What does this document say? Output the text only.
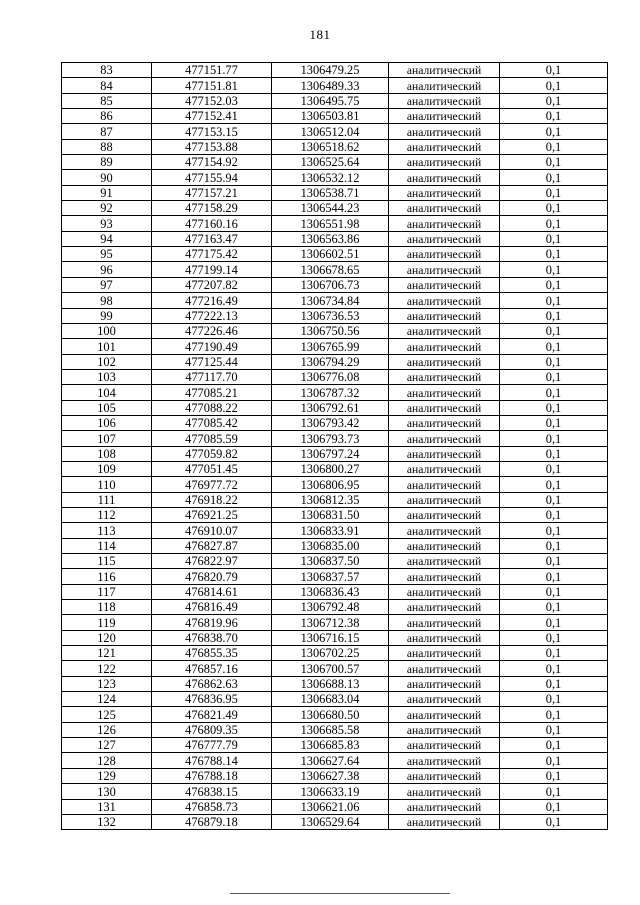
181
83	477151.77	1306479.25	аналитический	0,1
84	477151.81	1306489.33	аналитический	0,1
85	477152.03	1306495.75	аналитический	0,1
86	477152.41	1306503.81	аналитический	0,1
87	477153.15	1306512.04	аналитический	0,1
88	477153.88	1306518.62	аналитический	0,1
89	477154.92	1306525.64	аналитический	0,1
90	477155.94	1306532.12	аналитический	0,1
91	477157.21	1306538.71	аналитический	0,1
92	477158.29	1306544.23	аналитический	0,1
93	477160.16	1306551.98	аналитический	0,1
94	477163.47	1306563.86	аналитический	0,1
95	477175.42	1306602.51	аналитический	0,1
96	477199.14	1306678.65	аналитический	0,1
97	477207.82	1306706.73	аналитический	0,1
98	477216.49	1306734.84	аналитический	0,1
99	477222.13	1306736.53	аналитический	0,1
100	477226.46	1306750.56	аналитический	0,1
101	477190.49	1306765.99	аналитический	0,1
102	477125.44	1306794.29	аналитический	0,1
103	477117.70	1306776.08	аналитический	0,1
104	477085.21	1306787.32	аналитический	0,1
105	477088.22	1306792.61	аналитический	0,1
106	477085.42	1306793.42	аналитический	0,1
107	477085.59	1306793.73	аналитический	0,1
108	477059.82	1306797.24	аналитический	0,1
109	477051.45	1306800.27	аналитический	0,1
110	476977.72	1306806.95	аналитический	0,1
111	476918.22	1306812.35	аналитический	0,1
112	476921.25	1306831.50	аналитический	0,1
113	476910.07	1306833.91	аналитический	0,1
114	476827.87	1306835.00	аналитический	0,1
115	476822.97	1306837.50	аналитический	0,1
116	476820.79	1306837.57	аналитический	0,1
117	476814.61	1306836.43	аналитический	0,1
118	476816.49	1306792.48	аналитический	0,1
119	476819.96	1306712.38	аналитический	0,1
120	476838.70	1306716.15	аналитический	0,1
121	476855.35	1306702.25	аналитический	0,1
122	476857.16	1306700.57	аналитический	0,1
123	476862.63	1306688.13	аналитический	0,1
124	476836.95	1306683.04	аналитический	0,1
125	476821.49	1306680.50	аналитический	0,1
126	476809.35	1306685.58	аналитический	0,1
127	476777.79	1306685.83	аналитический	0,1
128	476788.14	1306627.64	аналитический	0,1
129	476788.18	1306627.38	аналитический	0,1
130	476838.15	1306633.19	аналитический	0,1
131	476858.73	1306621.06	аналитический	0,1
132	476879.18	1306529.64	аналитический	0,1
